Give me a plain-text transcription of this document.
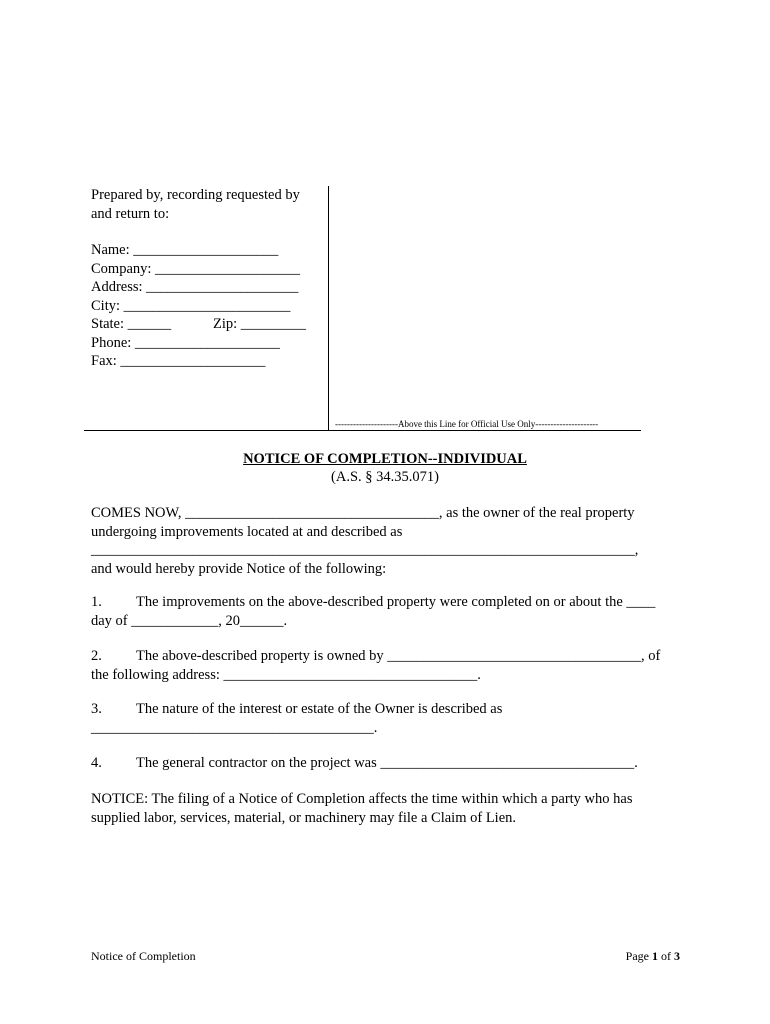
Prepared by, recording requested by
and return to:
Name: ____________________
Company: ____________________
Address: _____________________
City: _______________________
State: ______	Zip: _________
Phone: ____________________
Fax: ____________________
---------------------Above this Line for Official Use Only---------------------
NOTICE OF COMPLETION--INDIVIDUAL
(A.S. § 34.35.071)
COMES NOW, ___________________________________, as the owner of the real property
undergoing improvements located at and described as
___________________________________________________________________________,
and would hereby provide Notice of the following:
1. The improvements on the above-described property were completed on or about the ____
day of ____________, 20______.
2. The above-described property is owned by ___________________________________, of
the following address: ___________________________________.
3. The nature of the interest or estate of the Owner is described as
_______________________________________.
4. The general contractor on the project was ___________________________________.
NOTICE: The filing of a Notice of Completion affects the time within which a party who has
supplied labor, services, material, or machinery may file a Claim of Lien.
Notice of Completion	Page 1 of 3
